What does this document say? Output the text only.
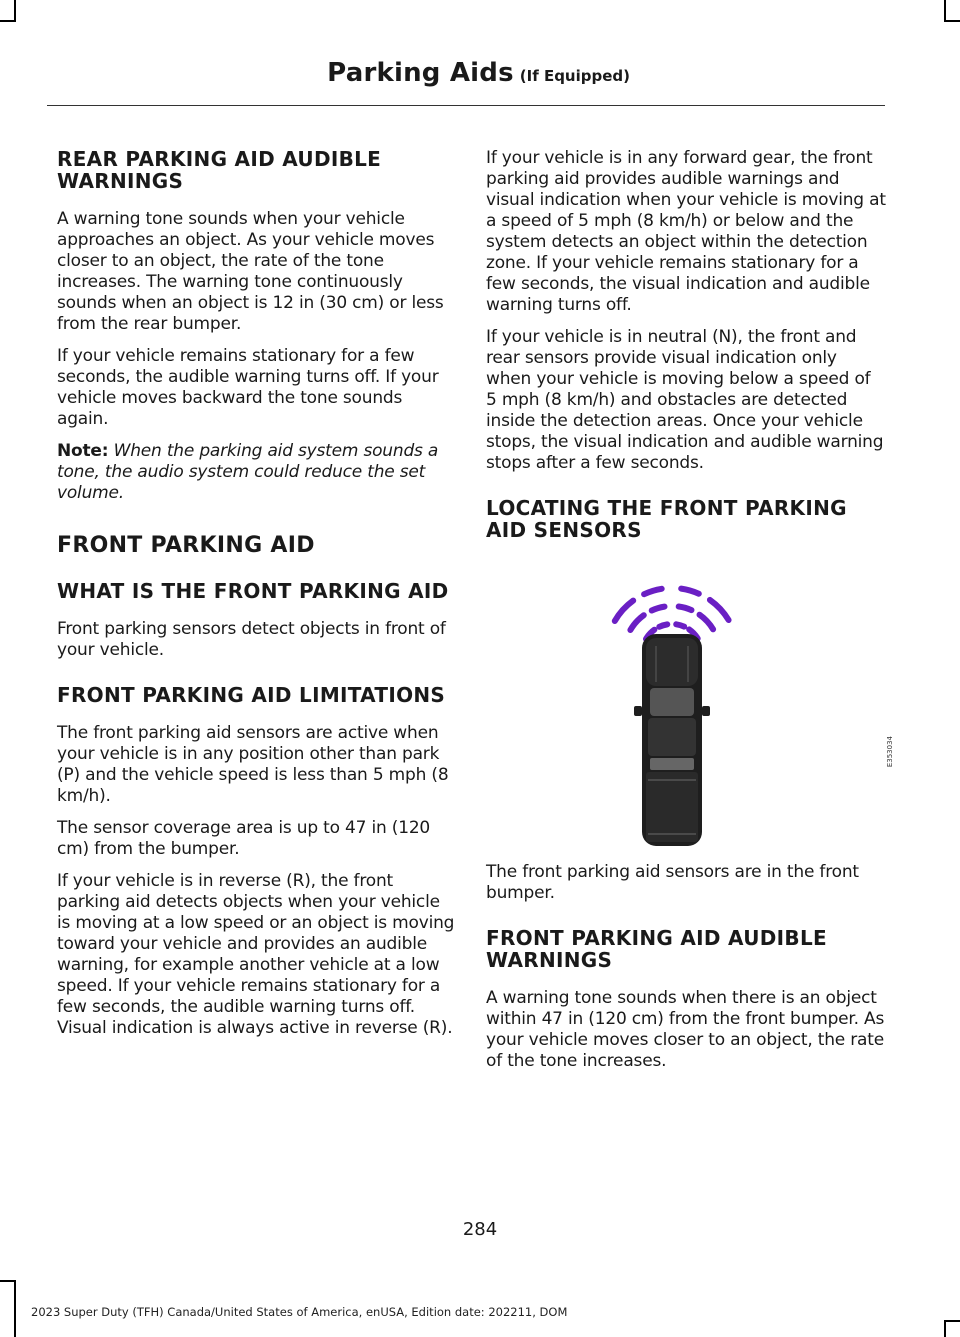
Parking Aids (If Equipped)
REAR PARKING AID AUDIBLE WARNINGS

A warning tone sounds when your vehicle approaches an object. As your vehicle moves closer to an object, the rate of the tone increases. The warning tone continuously sounds when an object is 12 in (30 cm) or less from the rear bumper.

If your vehicle remains stationary for a few seconds, the audible warning turns off. If your vehicle moves backward the tone sounds again.

Note: When the parking aid system sounds a tone, the audio system could reduce the set volume.

FRONT PARKING AID
WHAT IS THE FRONT PARKING AID

Front parking sensors detect objects in front of your vehicle.

FRONT PARKING AID LIMITATIONS

The front parking aid sensors are active when your vehicle is in any position other than park (P) and the vehicle speed is less than 5 mph (8 km/h).

The sensor coverage area is up to 47 in (120 cm) from the bumper.

If your vehicle is in reverse (R), the front parking aid detects objects when your vehicle is moving at a low speed or an object is moving toward your vehicle and provides an audible warning, for example another vehicle at a low speed. If your vehicle remains stationary for a few seconds, the audible warning turns off. Visual indication is always active in reverse (R).

If your vehicle is in any forward gear, the front parking aid provides audible warnings and visual indication when your vehicle is moving at a speed of 5 mph (8 km/h) or below and the system detects an object within the detection zone. If your vehicle remains stationary for a few seconds, the visual indication and audible warning turns off.

If your vehicle is in neutral (N), the front and rear sensors provide visual indication only when your vehicle is moving below a speed of 5 mph (8 km/h) and obstacles are detected inside the detection areas. Once your vehicle stops, the visual indication and audible warning stops after a few seconds.

LOCATING THE FRONT PARKING AID SENSORS
E353034

The front parking aid sensors are in the front bumper.

FRONT PARKING AID AUDIBLE WARNINGS

A warning tone sounds when there is an object within 47 in (120 cm) from the front bumper. As your vehicle moves closer to an object, the rate of the tone increases.

284
2023 Super Duty (TFH) Canada/United States of America, enUSA, Edition date: 202211, DOM
